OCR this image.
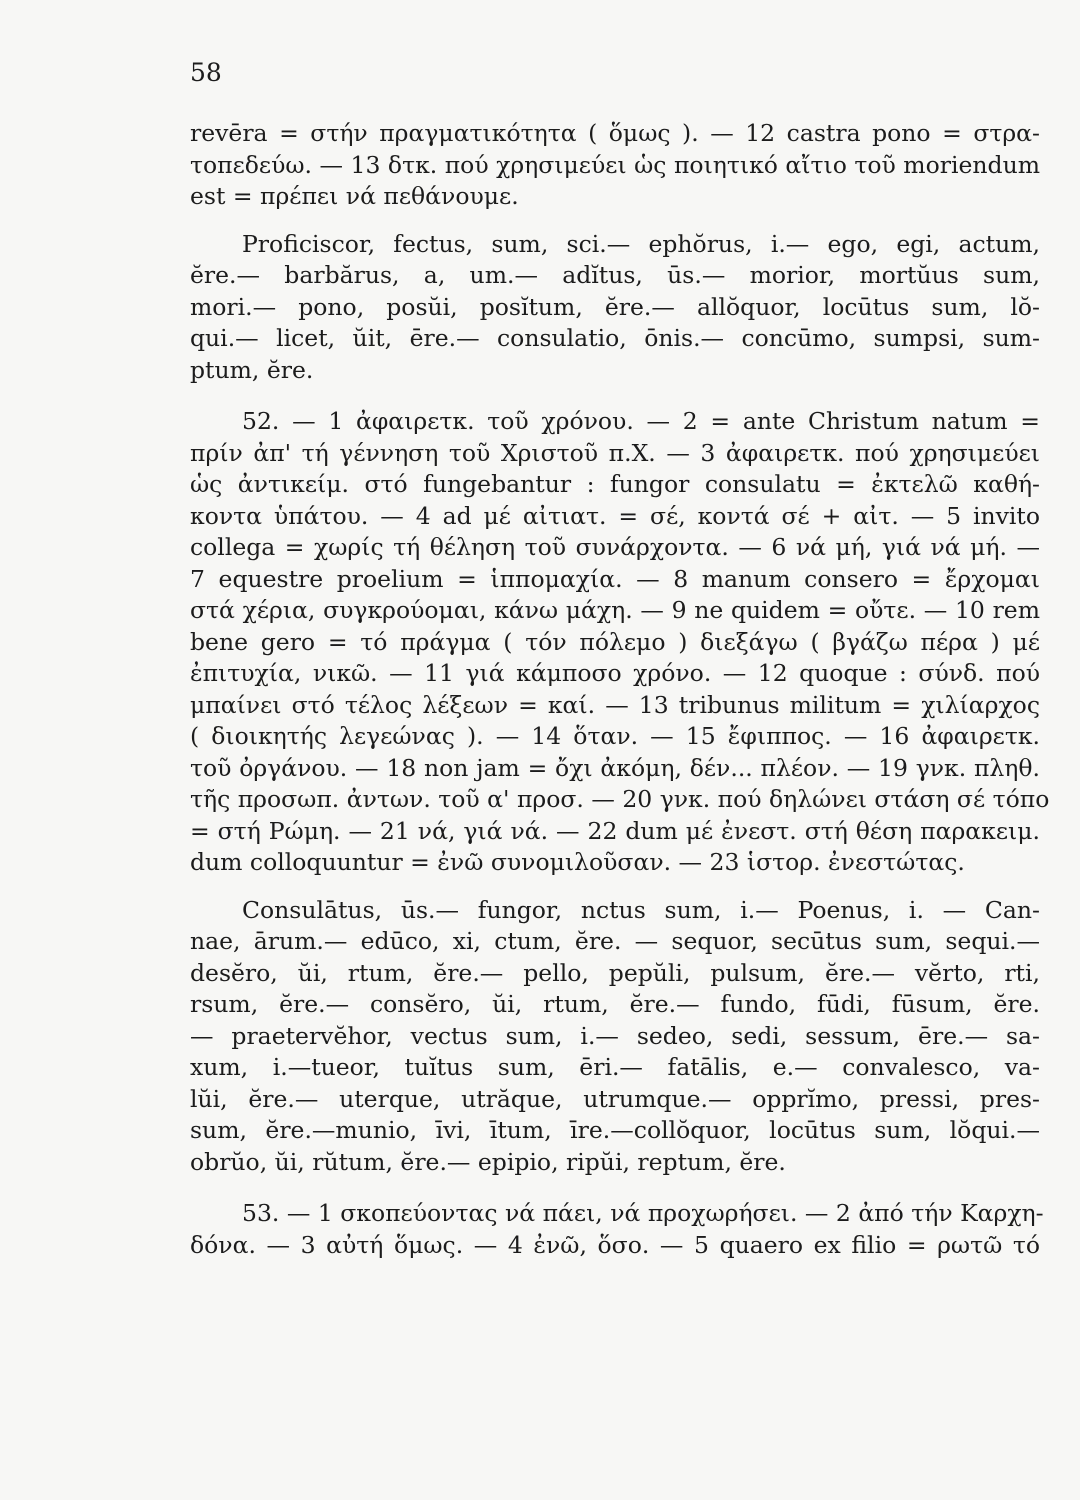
58
revēra = στήν πραγματικότητα ( ὅμως ). — 12 castra pono = στρα-
τοπεδεύω. — 13 δτκ. πού χρησιμεύει ὡς ποιητικό αἴτιο τοῦ moriendum
est = πρέπει νά πεθάνουμε.
Proficiscor, fectus, sum, sci.— ephŏrus, i.— ego, egi, actum,
ĕre.— barbărus, a, um.— adĭtus, ūs.— morior, mortŭus sum,
mori.— pono, posŭi, posĭtum, ĕre.— allŏquor, locūtus sum, lŏ-
qui.— licet, ŭit, ēre.— consulatio, ōnis.— concūmo, sumpsi, sum-
ptum, ĕre.
52. — 1 ἀφαιρετκ. τοῦ χρόνου. — 2 = ante Christum natum =
πρίν ἀπ' τή γέννηση τοῦ Χριστοῦ π.Χ. — 3 ἀφαιρετκ. πού χρησιμεύει
ὡς ἀντικείμ. στό fungebantur : fungor consulatu = ἐκτελῶ καθή-
κοντα ὑπάτου. — 4 ad μέ αἰτιατ. = σέ, κοντά σέ + αἰτ. — 5 invito
collega = χωρίς τή θέληση τοῦ συνάρχοντα. — 6 νά μή, γιά νά μή. —
7 equestre proelium = ἱππομαχία. — 8 manum consero = ἔρχομαι
στά χέρια, συγκρούομαι, κάνω μάχη. — 9 ne quidem = οὔτε. — 10 rem
bene gero = τό πράγμα ( τόν πόλεμο ) διεξάγω ( βγάζω πέρα ) μέ
ἐπιτυχία, νικῶ. — 11 γιά κάμποσο χρόνο. — 12 quoque : σύνδ. πού
μπαίνει στό τέλος λέξεων = καί. — 13 tribunus militum = χιλίαρχος
( διοικητής λεγεώνας ). — 14 ὅταν. — 15 ἔφιππος. — 16 ἀφαιρετκ.
τοῦ ὀργάνου. — 18 non jam = ὄχι ἀκόμη, δέν... πλέον. — 19 γνκ. πληθ.
τῆς προσωπ. ἀντων. τοῦ α' προσ. — 20 γνκ. πού δηλώνει στάση σέ τόπο
= στή Ρώμη. — 21 νά, γιά νά. — 22 dum μέ ἐνεστ. στή θέση παρακειμ.
dum colloquuntur = ἐνῶ συνομιλοῦσαν. — 23 ἱστορ. ἐνεστώτας.
Consulātus, ūs.— fungor, nctus sum, i.— Poenus, i. — Can-
nae, ārum.— edūco, xi, ctum, ĕre. — sequor, secūtus sum, sequi.—
desĕro, ŭi, rtum, ĕre.— pello, pepŭli, pulsum, ĕre.— vĕrto, rti,
rsum, ĕre.— consĕro, ŭi, rtum, ĕre.— fundo, fūdi, fūsum, ĕre.
— praetervĕhor, vectus sum, i.— sedeo, sedi, sessum, ēre.— sa-
xum, i.—tueor, tuĭtus sum, ēri.— fatālis, e.— convalesco, va-
lŭi, ĕre.— uterque, utrăque, utrumque.— opprĭmo, pressi, pres-
sum, ĕre.—munio, īvi, ītum, īre.—collŏquor, locūtus sum, lŏqui.—
obrŭo, ŭi, rŭtum, ĕre.— epipio, ripŭi, reptum, ĕre.
53. — 1 σκοπεύοντας νά πάει, νά προχωρήσει. — 2 ἀπό τήν Καρχη-
δόνα. — 3 αὐτή ὅμως. — 4 ἐνῶ, ὅσο. — 5 quaero ex filio = ρωτῶ τό
